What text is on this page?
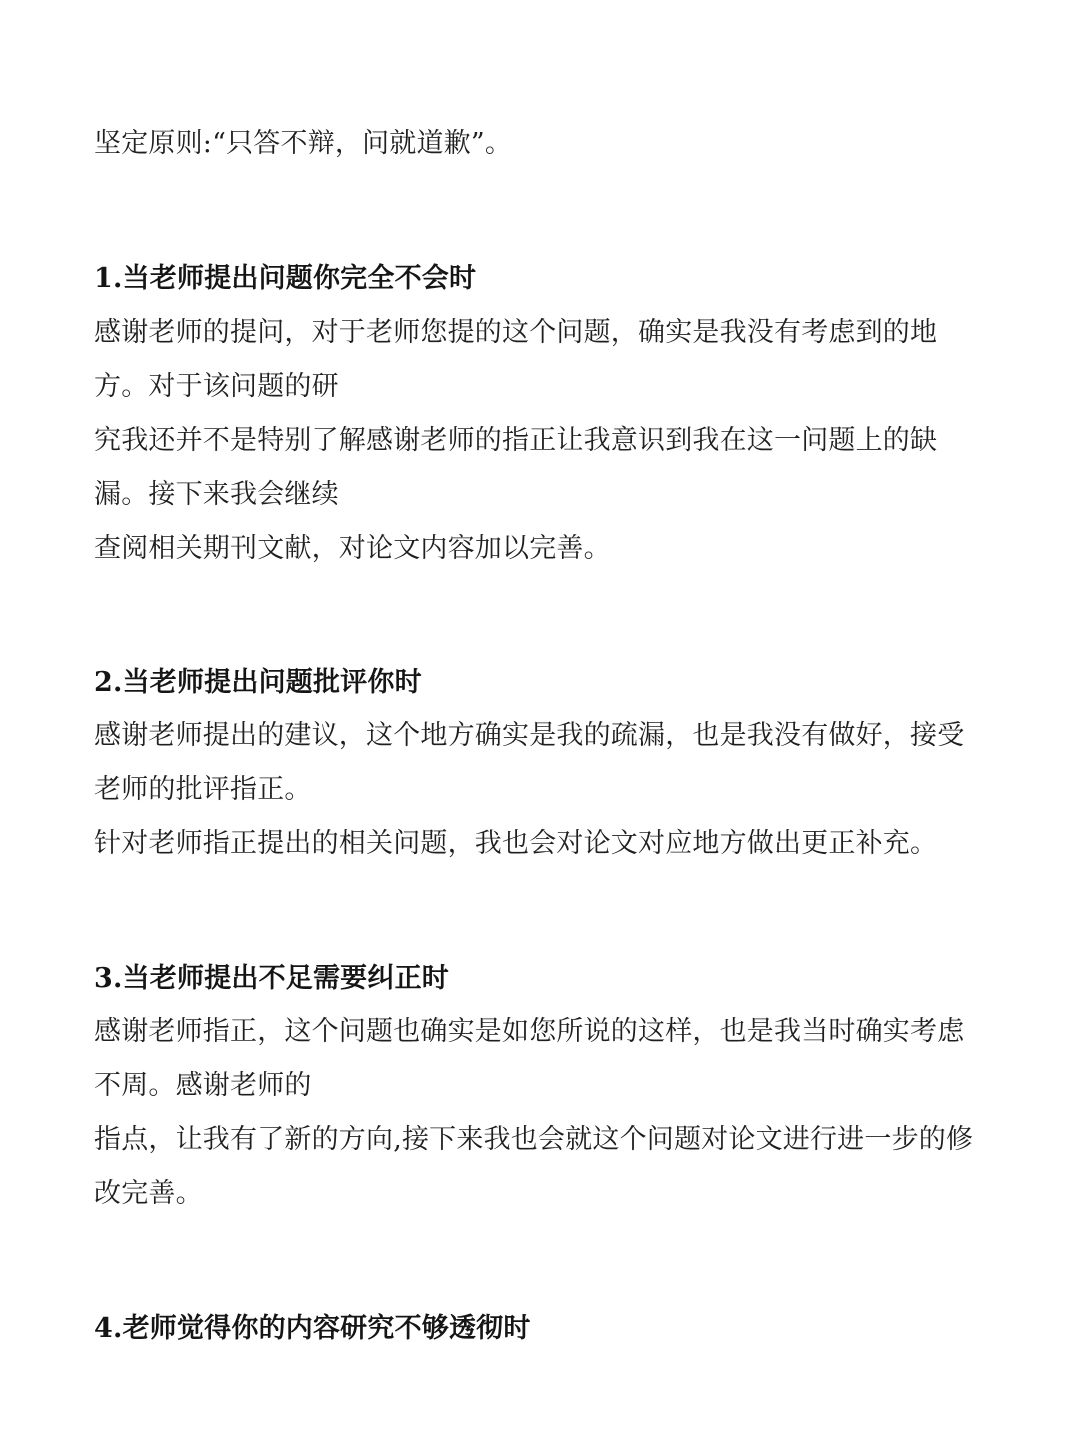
坚定原则:“只答不辩，问就道歉”。
1.当老师提出问题你完全不会时
感谢老师的提问，对于老师您提的这个问题，确实是我没有考虑到的地
方。对于该问题的研
究我还并不是特别了解感谢老师的指正让我意识到我在这一问题上的缺
漏。接下来我会继续
查阅相关期刊文献，对论文内容加以完善。
2.当老师提出问题批评你时
感谢老师提出的建议，这个地方确实是我的疏漏，也是我没有做好，接受
老师的批评指正。
针对老师指正提出的相关问题，我也会对论文对应地方做出更正补充。
3.当老师提出不足需要纠正时
感谢老师指正，这个问题也确实是如您所说的这样，也是我当时确实考虑
不周。感谢老师的
指点，让我有了新的方向,接下来我也会就这个问题对论文进行进一步的修
改完善。
4.老师觉得你的内容研究不够透彻时
